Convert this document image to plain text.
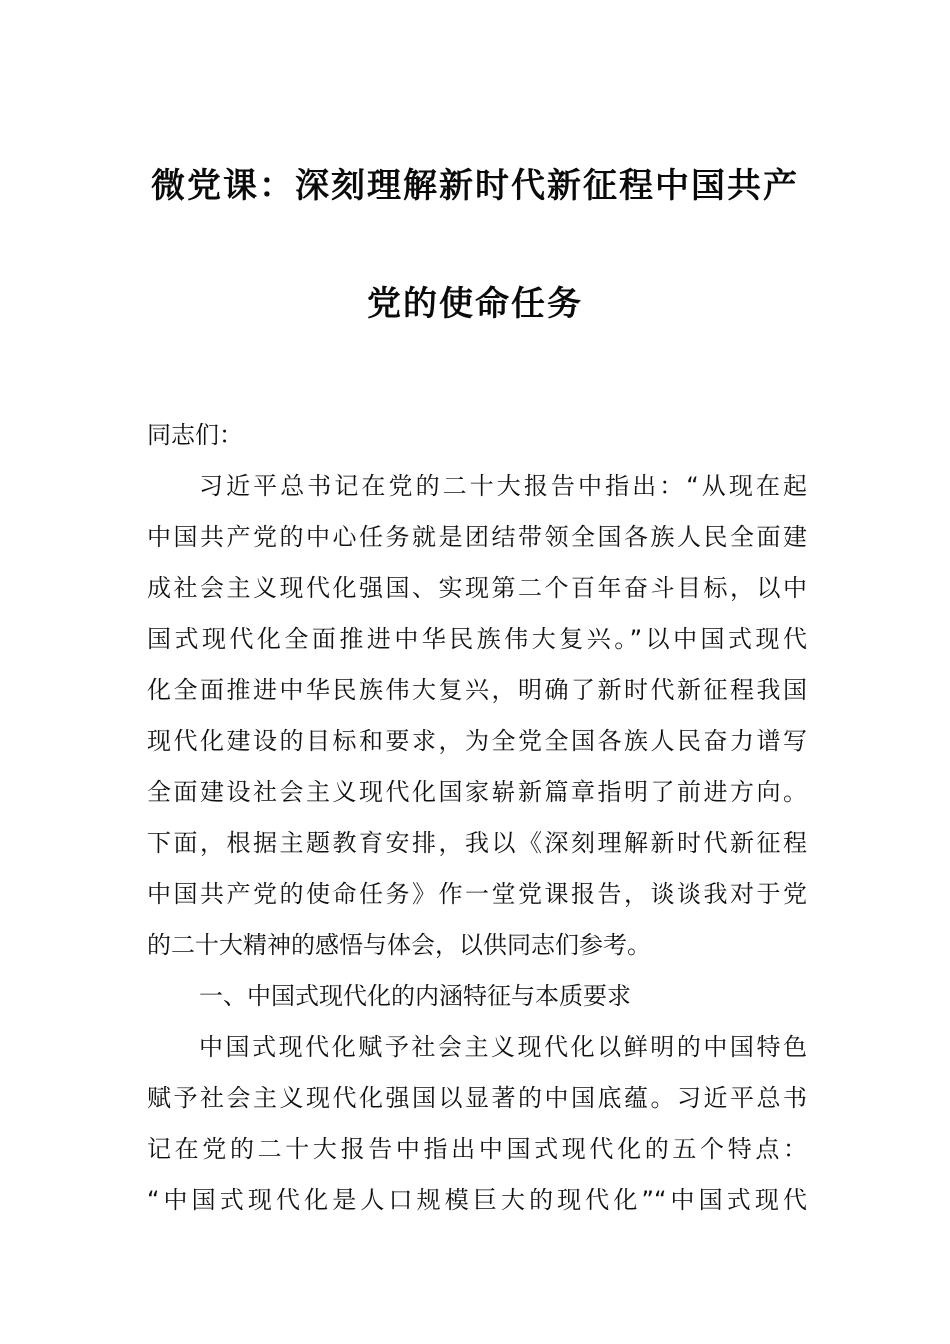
微党课：深刻理解新时代新征程中国共产
党的使命任务

同志们：

习近平总书记在党的二十大报告中指出：“从现在起
中国共产党的中心任务就是团结带领全国各族人民全面建
成社会主义现代化强国、实现第二个百年奋斗目标，以中
国式现代化全面推进中华民族伟大复兴。”以中国式现代
化全面推进中华民族伟大复兴，明确了新时代新征程我国
现代化建设的目标和要求，为全党全国各族人民奋力谱写
全面建设社会主义现代化国家崭新篇章指明了前进方向。
下面，根据主题教育安排，我以《深刻理解新时代新征程
中国共产党的使命任务》作一堂党课报告，谈谈我对于党
的二十大精神的感悟与体会，以供同志们参考。

一、中国式现代化的内涵特征与本质要求

中国式现代化赋予社会主义现代化以鲜明的中国特色
赋予社会主义现代化强国以显著的中国底蕴。习近平总书
记在党的二十大报告中指出中国式现代化的五个特点：
“中国式现代化是人口规模巨大的现代化”“中国式现代
